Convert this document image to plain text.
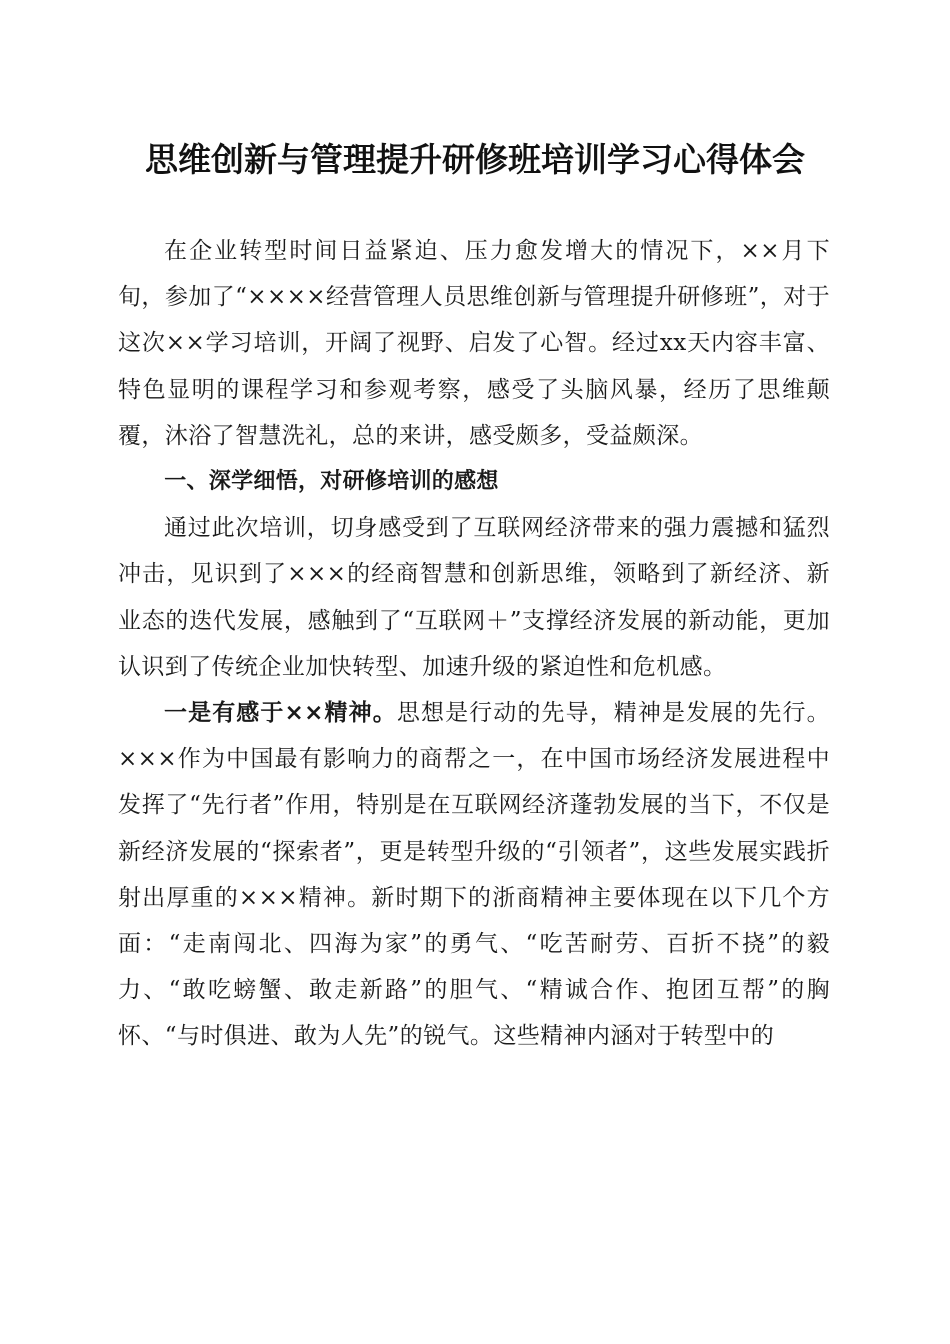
思维创新与管理提升研修班培训学习心得体会

在企业转型时间日益紧迫、压力愈发增大的情况下，××月下旬，参加了“××××经营管理人员思维创新与管理提升研修班”，对于这次××学习培训，开阔了视野、启发了心智。经过xx天内容丰富、特色显明的课程学习和参观考察，感受了头脑风暴，经历了思维颠覆，沐浴了智慧洗礼，总的来讲，感受颇多，受益颇深。

一、深学细悟，对研修培训的感想

通过此次培训，切身感受到了互联网经济带来的强力震撼和猛烈冲击，见识到了×××的经商智慧和创新思维，领略到了新经济、新业态的迭代发展，感触到了“互联网＋”支撑经济发展的新动能，更加认识到了传统企业加快转型、加速升级的紧迫性和危机感。

一是有感于××精神。思想是行动的先导，精神是发展的先行。×××作为中国最有影响力的商帮之一，在中国市场经济发展进程中发挥了“先行者”作用，特别是在互联网经济蓬勃发展的当下，不仅是新经济发展的“探索者”，更是转型升级的“引领者”，这些发展实践折射出厚重的×××精神。新时期下的浙商精神主要体现在以下几个方面：“走南闯北、四海为家”的勇气、“吃苦耐劳、百折不挠”的毅力、“敢吃螃蟹、敢走新路”的胆气、“精诚合作、抱团互帮”的胸怀、“与时俱进、敢为人先”的锐气。这些精神内涵对于转型中的
